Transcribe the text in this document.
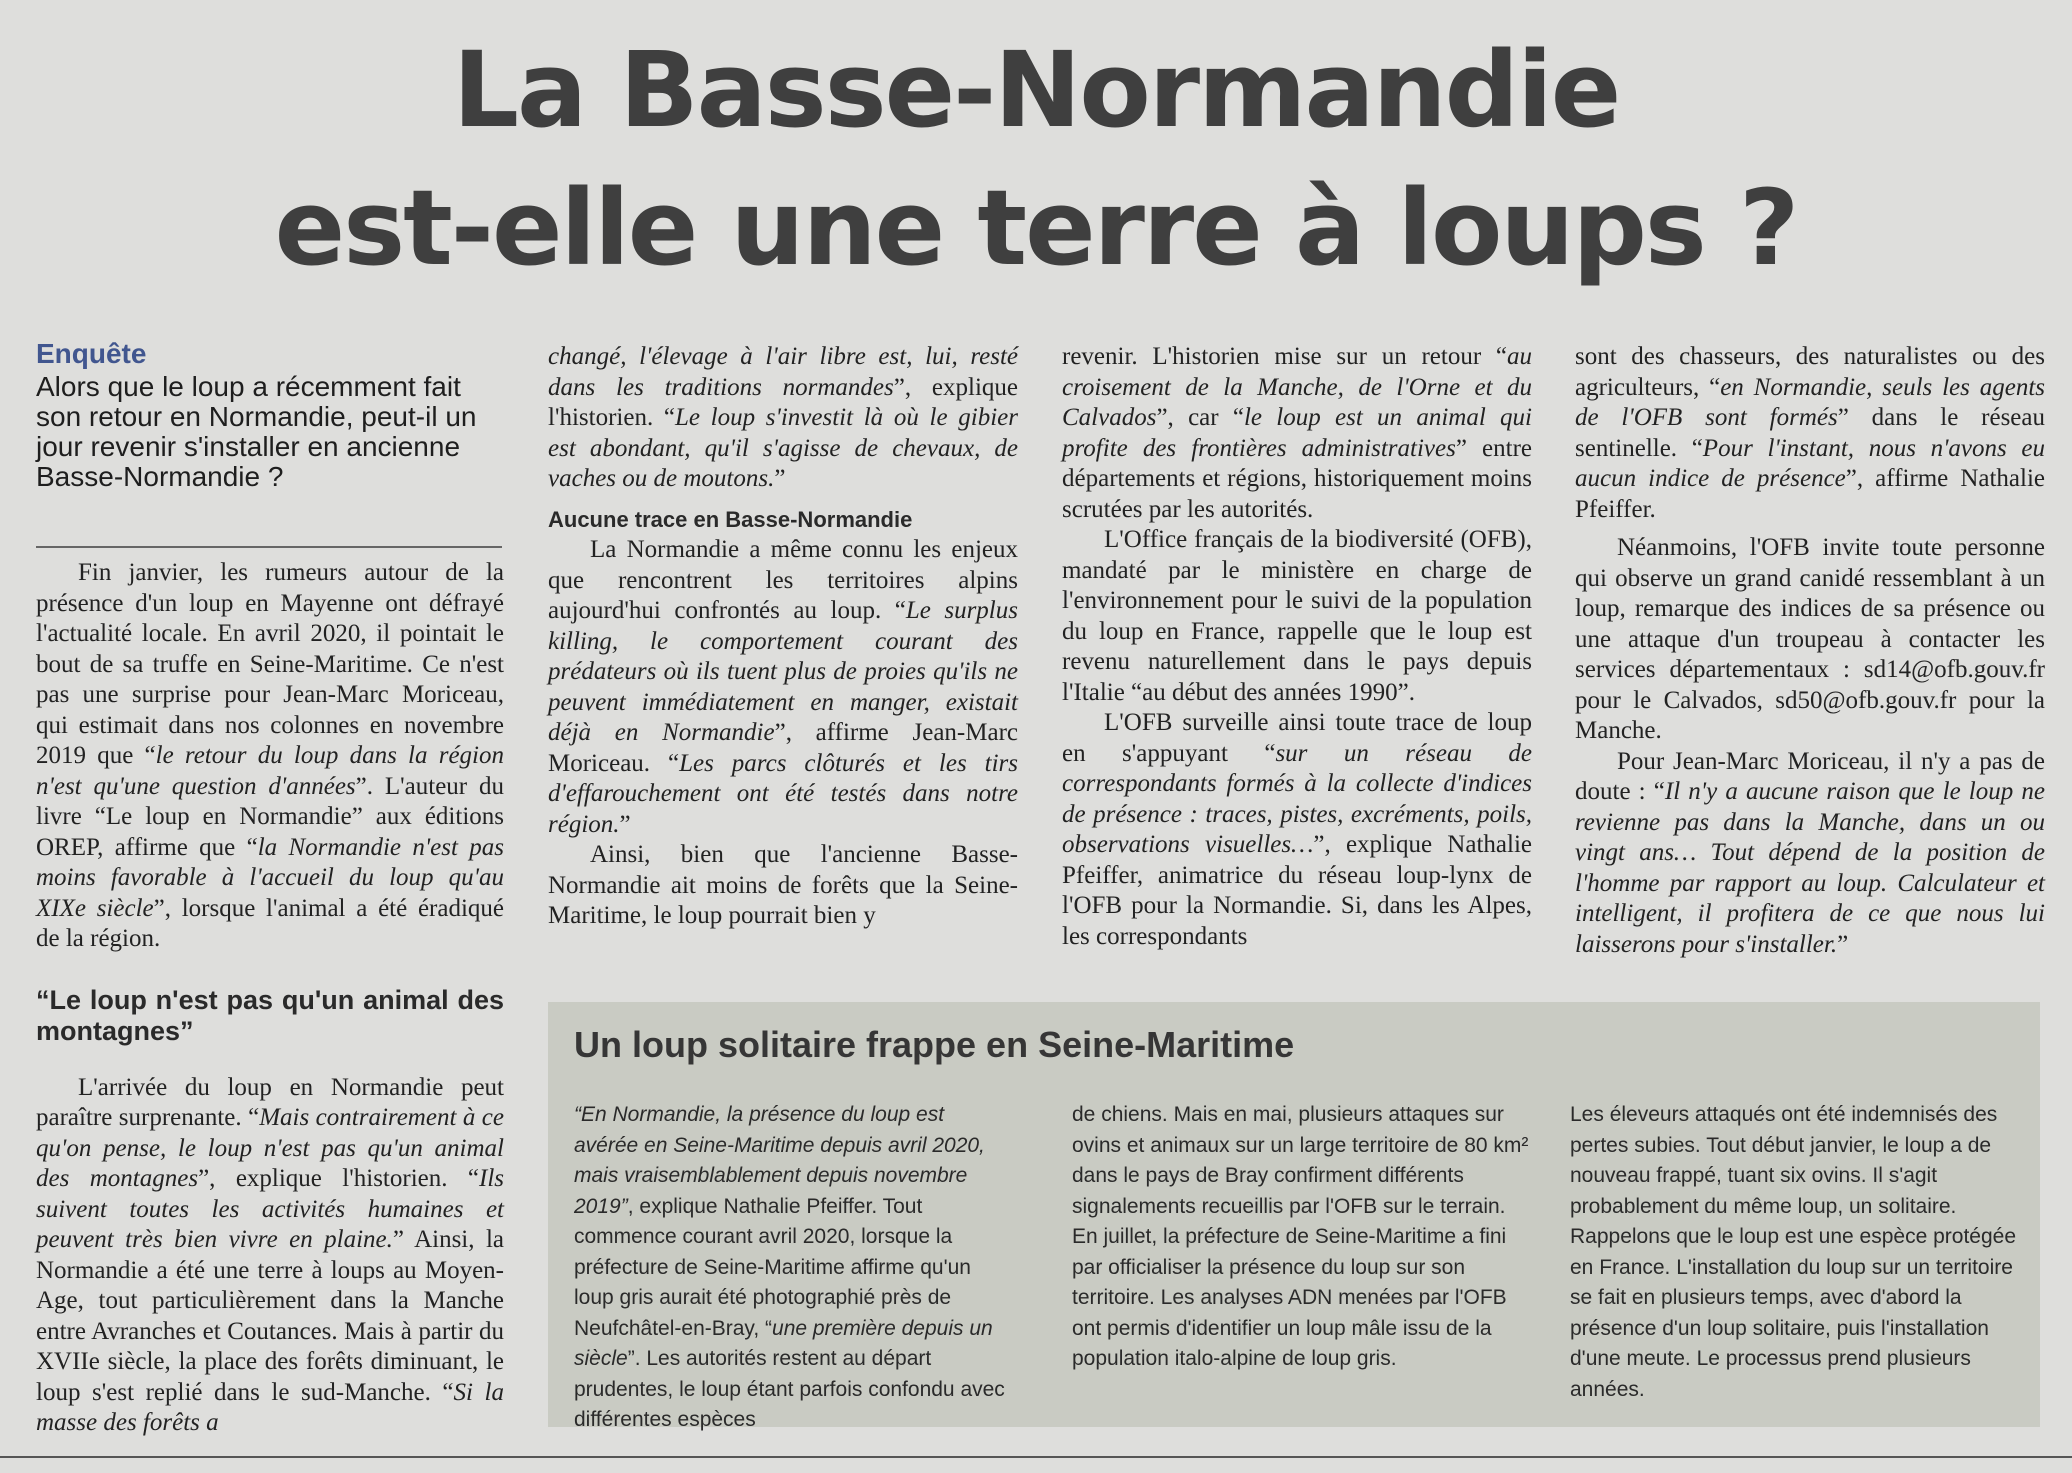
La Basse-Normandie
est-elle une terre à loups ?
Enquête

Alors que le loup a récemment fait son retour en Normandie, peut-il un jour revenir s'installer en ancienne Basse-Normandie ?

Fin janvier, les rumeurs autour de la présence d'un loup en Mayenne ont défrayé l'actualité locale. En avril 2020, il pointait le bout de sa truffe en Seine-Maritime. Ce n'est pas une surprise pour Jean-Marc Moriceau, qui estimait dans nos colonnes en novembre 2019 que “le retour du loup dans la région n'est qu'une question d'années”. L'auteur du livre “Le loup en Normandie” aux éditions OREP, affirme que “la Normandie n'est pas moins favorable à l'accueil du loup qu'au XIXe siècle”, lorsque l'animal a été éradiqué de la région.

“Le loup n'est pas qu'un animal des montagnes”

L'arrivée du loup en Normandie peut paraître surprenante. “Mais contrairement à ce qu'on pense, le loup n'est pas qu'un animal des montagnes”, explique l'historien. “Ils suivent toutes les activités humaines et peuvent très bien vivre en plaine.” Ainsi, la Normandie a été une terre à loups au Moyen-Age, tout particulièrement dans la Manche entre Avranches et Coutances. Mais à partir du XVIIe siècle, la place des forêts diminuant, le loup s'est replié dans le sud-Manche. “Si la masse des forêts a

changé, l'élevage à l'air libre est, lui, resté dans les traditions normandes”, explique l'historien. “Le loup s'investit là où le gibier est abondant, qu'il s'agisse de chevaux, de vaches ou de moutons.”

Aucune trace en Basse-Normandie

La Normandie a même connu les enjeux que rencontrent les territoires alpins aujourd'hui confrontés au loup. “Le surplus killing, le comportement courant des prédateurs où ils tuent plus de proies qu'ils ne peuvent immédiatement en manger, existait déjà en Normandie”, affirme Jean-Marc Moriceau. “Les parcs clôturés et les tirs d'effarouchement ont été testés dans notre région.”

Ainsi, bien que l'ancienne Basse-Normandie ait moins de forêts que la Seine-Maritime, le loup pourrait bien y

revenir. L'historien mise sur un retour “au croisement de la Manche, de l'Orne et du Calvados”, car “le loup est un animal qui profite des frontières administratives” entre départements et régions, historiquement moins scrutées par les autorités.

L'Office français de la biodiversité (OFB), mandaté par le ministère en charge de l'environnement pour le suivi de la population du loup en France, rappelle que le loup est revenu naturellement dans le pays depuis l'Italie “au début des années 1990”.

L'OFB surveille ainsi toute trace de loup en s'appuyant “sur un réseau de correspondants formés à la collecte d'indices de présence : traces, pistes, excréments, poils, observations visuelles…”, explique Nathalie Pfeiffer, animatrice du réseau loup-lynx de l'OFB pour la Normandie. Si, dans les Alpes, les correspondants

sont des chasseurs, des naturalistes ou des agriculteurs, “en Normandie, seuls les agents de l'OFB sont formés” dans le réseau sentinelle. “Pour l'instant, nous n'avons eu aucun indice de présence”, affirme Nathalie Pfeiffer.

Néanmoins, l'OFB invite toute personne qui observe un grand canidé ressemblant à un loup, remarque des indices de sa présence ou une attaque d'un troupeau à contacter les services départementaux : sd14@ofb.gouv.fr pour le Calvados, sd50@ofb.gouv.fr pour la Manche.

Pour Jean-Marc Moriceau, il n'y a pas de doute : “Il n'y a aucune raison que le loup ne revienne pas dans la Manche, dans un ou vingt ans… Tout dépend de la position de l'homme par rapport au loup. Calculateur et intelligent, il profitera de ce que nous lui laisserons pour s'installer.”

Un loup solitaire frappe en Seine-Maritime

“En Normandie, la présence du loup est avérée en Seine-Maritime depuis avril 2020, mais vraisemblablement depuis novembre 2019”, explique Nathalie Pfeiffer. Tout commence courant avril 2020, lorsque la préfecture de Seine-Maritime affirme qu'un loup gris aurait été photographié près de Neufchâtel-en-Bray, “une première depuis un siècle”. Les autorités restent au départ prudentes, le loup étant parfois confondu avec différentes espèces

de chiens. Mais en mai, plusieurs attaques sur ovins et animaux sur un large territoire de 80 km² dans le pays de Bray confirment différents signalements recueillis par l'OFB sur le terrain.
En juillet, la préfecture de Seine-Maritime a fini par officialiser la présence du loup sur son territoire. Les analyses ADN menées par l'OFB ont permis d'identifier un loup mâle issu de la population italo-alpine de loup gris.

Les éleveurs attaqués ont été indemnisés des pertes subies. Tout début janvier, le loup a de nouveau frappé, tuant six ovins. Il s'agit probablement du même loup, un solitaire. Rappelons que le loup est une espèce protégée en France. L'installation du loup sur un territoire se fait en plusieurs temps, avec d'abord la présence d'un loup solitaire, puis l'installation d'une meute. Le processus prend plusieurs années.
